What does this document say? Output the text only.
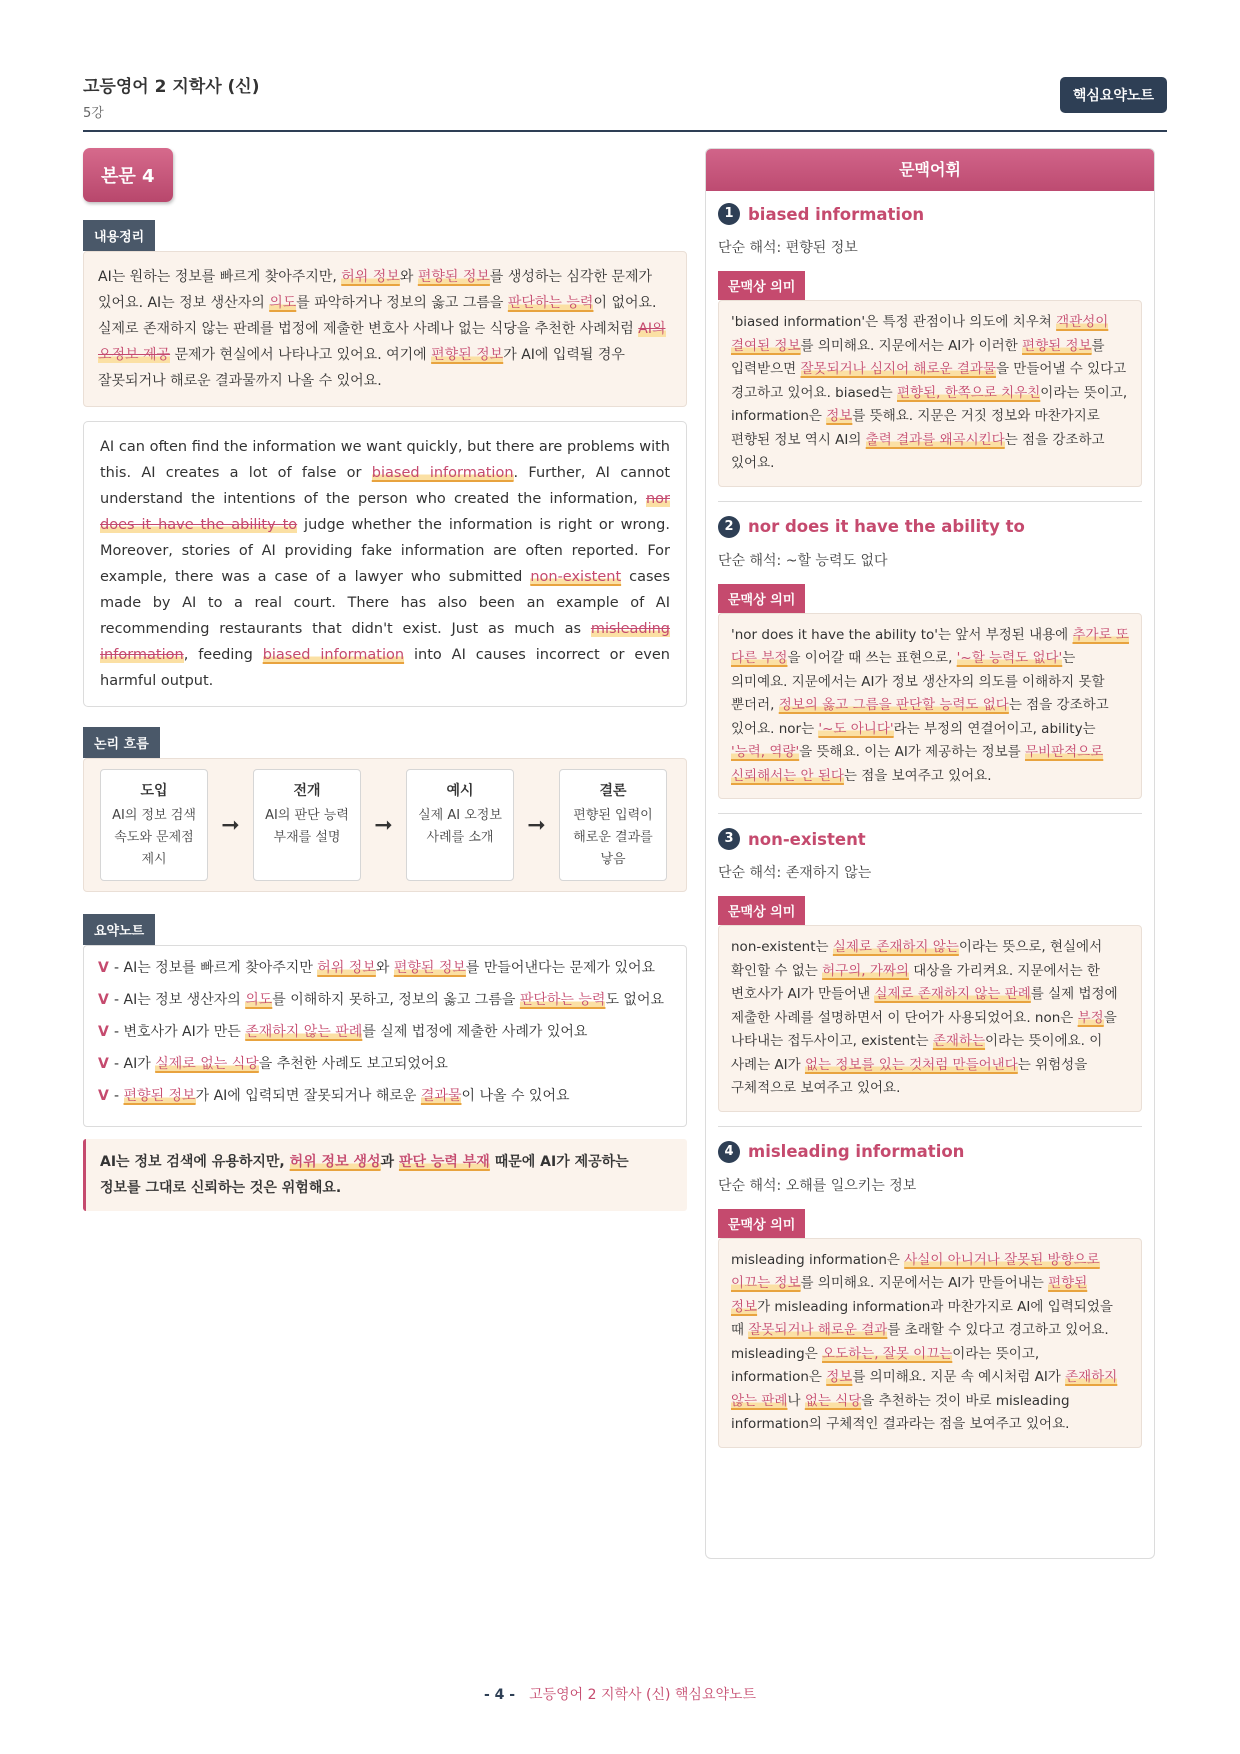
고등영어 2 지학사 (신)
5강
핵심요약노트
본문 4
내용정리
AI는 원하는 정보를 빠르게 찾아주지만, 허위 정보와 편향된 정보를 생성하는 심각한 문제가 있어요. AI는 정보 생산자의 의도를 파악하거나 정보의 옳고 그름을 판단하는 능력이 없어요. 실제로 존재하지 않는 판례를 법정에 제출한 변호사 사례나 없는 식당을 추천한 사례처럼 AI의 오정보 제공 문제가 현실에서 나타나고 있어요. 여기에 편향된 정보가 AI에 입력될 경우 잘못되거나 해로운 결과물까지 나올 수 있어요.
AI can often find the information we want quickly, but there are problems with this. AI creates a lot of false or biased information. Further, AI cannot understand the intentions of the person who created the information, nor does it have the ability to judge whether the information is right or wrong. Moreover, stories of AI providing fake information are often reported. For example, there was a case of a lawyer who submitted non-existent cases made by AI to a real court. There has also been an example of AI recommending restaurants that didn't exist. Just as much as misleading information, feeding biased information into AI causes incorrect or even harmful output.
논리 흐름
도입
AI의 정보 검색 속도와 문제점 제시
➞
전개
AI의 판단 능력 부재를 설명	➞
예시
실제 AI 오정보 사례를 소개	➞
결론
편향된 입력이 해로운 결과를 낳음
요약노트
V - AI는 정보를 빠르게 찾아주지만 허위 정보와 편향된 정보를 만들어낸다는 문제가 있어요
V - AI는 정보 생산자의 의도를 이해하지 못하고, 정보의 옳고 그름을 판단하는 능력도 없어요
V - 변호사가 AI가 만든 존재하지 않는 판례를 실제 법정에 제출한 사례가 있어요
V - AI가 실제로 없는 식당을 추천한 사례도 보고되었어요
V - 편향된 정보가 AI에 입력되면 잘못되거나 해로운 결과물이 나올 수 있어요
AI는 정보 검색에 유용하지만, 허위 정보 생성과 판단 능력 부재 때문에 AI가 제공하는 정보를 그대로 신뢰하는 것은 위험해요.
문맥어휘
1 biased information
단순 해석: 편향된 정보
문맥상 의미
'biased information'은 특정 관점이나 의도에 치우쳐 객관성이 결여된 정보를 의미해요. 지문에서는 AI가 이러한 편향된 정보를 입력받으면 잘못되거나 심지어 해로운 결과물을 만들어낼 수 있다고 경고하고 있어요. biased는 편향된, 한쪽으로 치우친이라는 뜻이고, information은 정보를 뜻해요. 지문은 거짓 정보와 마찬가지로 편향된 정보 역시 AI의 출력 결과를 왜곡시킨다는 점을 강조하고 있어요.
2 nor does it have the ability to
단순 해석: ~할 능력도 없다
문맥상 의미
'nor does it have the ability to'는 앞서 부정된 내용에 추가로 또 다른 부정을 이어갈 때 쓰는 표현으로, '~할 능력도 없다'는 의미예요. 지문에서는 AI가 정보 생산자의 의도를 이해하지 못할 뿐더러, 정보의 옳고 그름을 판단할 능력도 없다는 점을 강조하고 있어요. nor는 '~도 아니다'라는 부정의 연결어이고, ability는 '능력, 역량'을 뜻해요. 이는 AI가 제공하는 정보를 무비판적으로 신뢰해서는 안 된다는 점을 보여주고 있어요.
3 non-existent
단순 해석: 존재하지 않는
문맥상 의미
non-existent는 실제로 존재하지 않는이라는 뜻으로, 현실에서 확인할 수 없는 허구의, 가짜의 대상을 가리켜요. 지문에서는 한 변호사가 AI가 만들어낸 실제로 존재하지 않는 판례를 실제 법정에 제출한 사례를 설명하면서 이 단어가 사용되었어요. non은 부정을 나타내는 접두사이고, existent는 존재하는이라는 뜻이에요. 이 사례는 AI가 없는 정보를 있는 것처럼 만들어낸다는 위험성을 구체적으로 보여주고 있어요.
4 misleading information
단순 해석: 오해를 일으키는 정보
문맥상 의미
misleading information은 사실이 아니거나 잘못된 방향으로 이끄는 정보를 의미해요. 지문에서는 AI가 만들어내는 편향된 정보가 misleading information과 마찬가지로 AI에 입력되었을 때 잘못되거나 해로운 결과를 초래할 수 있다고 경고하고 있어요. misleading은 오도하는, 잘못 이끄는이라는 뜻이고, information은 정보를 의미해요. 지문 속 예시처럼 AI가 존재하지 않는 판례나 없는 식당을 추천하는 것이 바로 misleading information의 구체적인 결과라는 점을 보여주고 있어요.
- 4 - 고등영어 2 지학사 (신) 핵심요약노트
